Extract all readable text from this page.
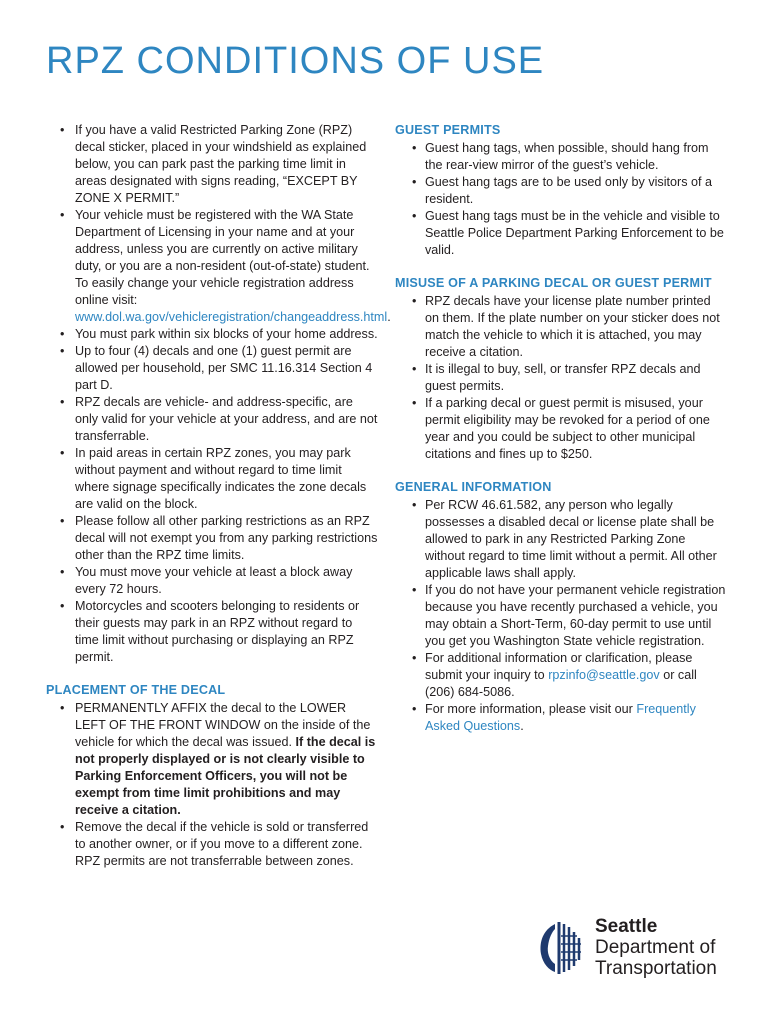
RPZ CONDITIONS OF USE
• If you have a valid Restricted Parking Zone (RPZ) decal sticker, placed in your windshield as explained below, you can park past the parking time limit in areas designated with signs reading, “EXCEPT BY ZONE X PERMIT.”
• Your vehicle must be registered with the WA State Department of Licensing in your name and at your address, unless you are currently on active military duty, or you are a non-resident (out-of-state) student. To easily change your vehicle registration address online visit: www.dol.wa.gov/vehicleregistration/changeaddress.html.
• You must park within six blocks of your home address.
• Up to four (4) decals and one (1) guest permit are allowed per household, per SMC 11.16.314 Section 4 part D.
• RPZ decals are vehicle- and address-specific, are only valid for your vehicle at your address, and are not transferrable.
• In paid areas in certain RPZ zones, you may park without payment and without regard to time limit where signage specifically indicates the zone decals are valid on the block.
• Please follow all other parking restrictions as an RPZ decal will not exempt you from any parking restrictions other than the RPZ time limits.
• You must move your vehicle at least a block away every 72 hours.
• Motorcycles and scooters belonging to residents or their guests may park in an RPZ without regard to time limit without purchasing or displaying an RPZ permit.
PLACEMENT OF THE DECAL
• PERMANENTLY AFFIX the decal to the LOWER LEFT OF THE FRONT WINDOW on the inside of the vehicle for which the decal was issued. If the decal is not properly displayed or is not clearly visible to Parking Enforcement Officers, you will not be exempt from time limit prohibitions and may receive a citation.
• Remove the decal if the vehicle is sold or transferred to another owner, or if you move to a different zone. RPZ permits are not transferrable between zones.
GUEST PERMITS
• Guest hang tags, when possible, should hang from the rear-view mirror of the guest’s vehicle.
• Guest hang tags are to be used only by visitors of a resident.
• Guest hang tags must be in the vehicle and visible to Seattle Police Department Parking Enforcement to be valid.
MISUSE OF A PARKING DECAL OR GUEST PERMIT
• RPZ decals have your license plate number printed on them. If the plate number on your sticker does not match the vehicle to which it is attached, you may receive a citation.
• It is illegal to buy, sell, or transfer RPZ decals and guest permits.
• If a parking decal or guest permit is misused, your permit eligibility may be revoked for a period of one year and you could be subject to other municipal citations and fines up to $250.
GENERAL INFORMATION
• Per RCW 46.61.582, any person who legally possesses a disabled decal or license plate shall be allowed to park in any Restricted Parking Zone without regard to time limit without a permit. All other applicable laws shall apply.
• If you do not have your permanent vehicle registration because you have recently purchased a vehicle, you may obtain a Short-Term, 60-day permit to use until you get you Washington State vehicle registration.
• For additional information or clarification, please submit your inquiry to rpzinfo@seattle.gov or call (206) 684-5086.
• For more information, please visit our Frequently Asked Questions.
Seattle
Department of
Transportation
